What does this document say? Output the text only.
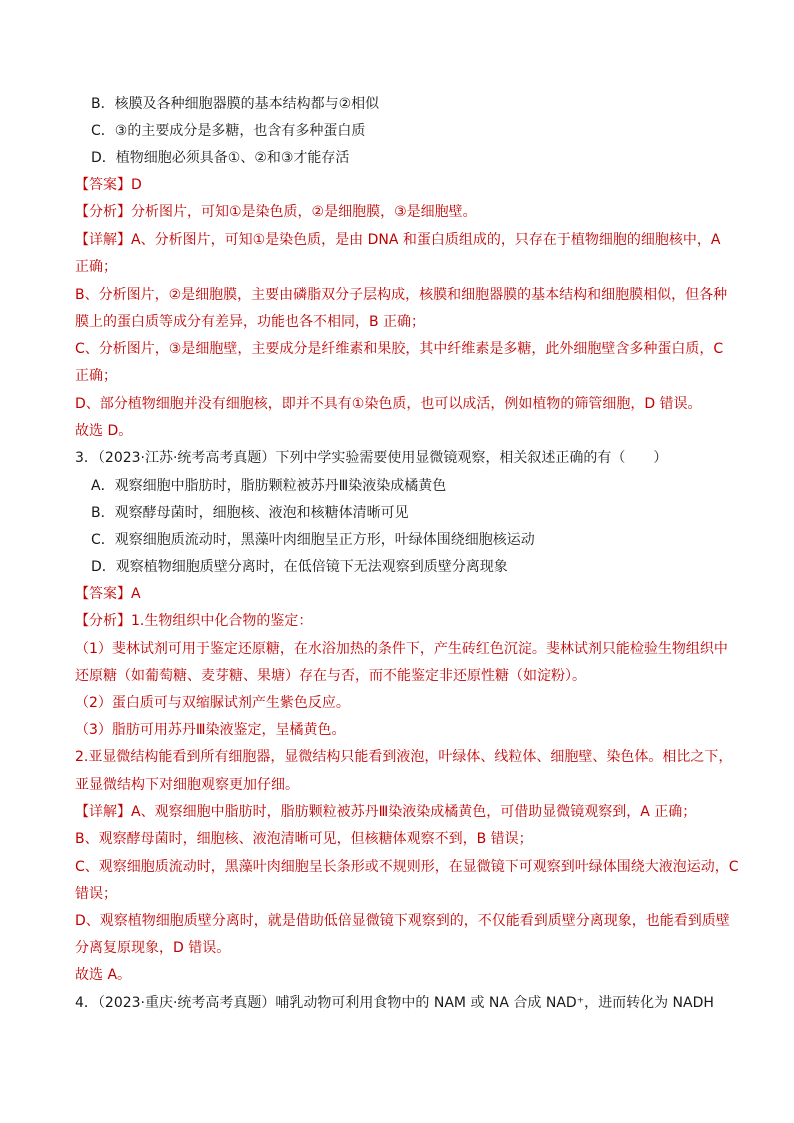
B．核膜及各种细胞器膜的基本结构都与②相似
C．③的主要成分是多糖，也含有多种蛋白质
D．植物细胞必须具备①、②和③才能存活
【答案】D
【分析】分析图片，可知①是染色质，②是细胞膜，③是细胞壁。
【详解】A、分析图片，可知①是染色质，是由 DNA 和蛋白质组成的，只存在于植物细胞的细胞核中，A
正确；
B、分析图片，②是细胞膜，主要由磷脂双分子层构成，核膜和细胞器膜的基本结构和细胞膜相似，但各种
膜上的蛋白质等成分有差异，功能也各不相同，B 正确；
C、分析图片，③是细胞壁，主要成分是纤维素和果胶，其中纤维素是多糖，此外细胞壁含多种蛋白质，C
正确；
D、部分植物细胞并没有细胞核，即并不具有①染色质，也可以成活，例如植物的筛管细胞，D 错误。
故选 D。
3．（2023·江苏·统考高考真题）下列中学实验需要使用显微镜观察，相关叙述正确的有（　　）
A．观察细胞中脂肪时，脂肪颗粒被苏丹Ⅲ染液染成橘黄色
B．观察酵母菌时，细胞核、液泡和核糖体清晰可见
C．观察细胞质流动时，黑藻叶肉细胞呈正方形，叶绿体围绕细胞核运动
D．观察植物细胞质壁分离时，在低倍镜下无法观察到质壁分离现象
【答案】A
【分析】1.生物组织中化合物的鉴定：
（1）斐林试剂可用于鉴定还原糖，在水浴加热的条件下，产生砖红色沉淀。斐林试剂只能检验生物组织中
还原糖（如葡萄糖、麦芽糖、果塘）存在与否，而不能鉴定非还原性糖（如淀粉）。
（2）蛋白质可与双缩脲试剂产生紫色反应。
（3）脂肪可用苏丹Ⅲ染液鉴定，呈橘黄色。
2.亚显微结构能看到所有细胞器，显微结构只能看到液泡，叶绿体、线粒体、细胞壁、染色体。相比之下，
亚显微结构下对细胞观察更加仔细。
【详解】A、观察细胞中脂肪时，脂肪颗粒被苏丹Ⅲ染液染成橘黄色，可借助显微镜观察到，A 正确；
B、观察酵母菌时，细胞核、液泡清晰可见，但核糖体观察不到，B 错误；
C、观察细胞质流动时，黑藻叶肉细胞呈长条形或不规则形，在显微镜下可观察到叶绿体围绕大液泡运动，C
错误；
D、观察植物细胞质壁分离时，就是借助低倍显微镜下观察到的，不仅能看到质壁分离现象，也能看到质壁
分离复原现象，D 错误。
故选 A。
4．（2023·重庆·统考高考真题）哺乳动物可利用食物中的 NAM 或 NA 合成 NAD⁺，进而转化为 NADH
